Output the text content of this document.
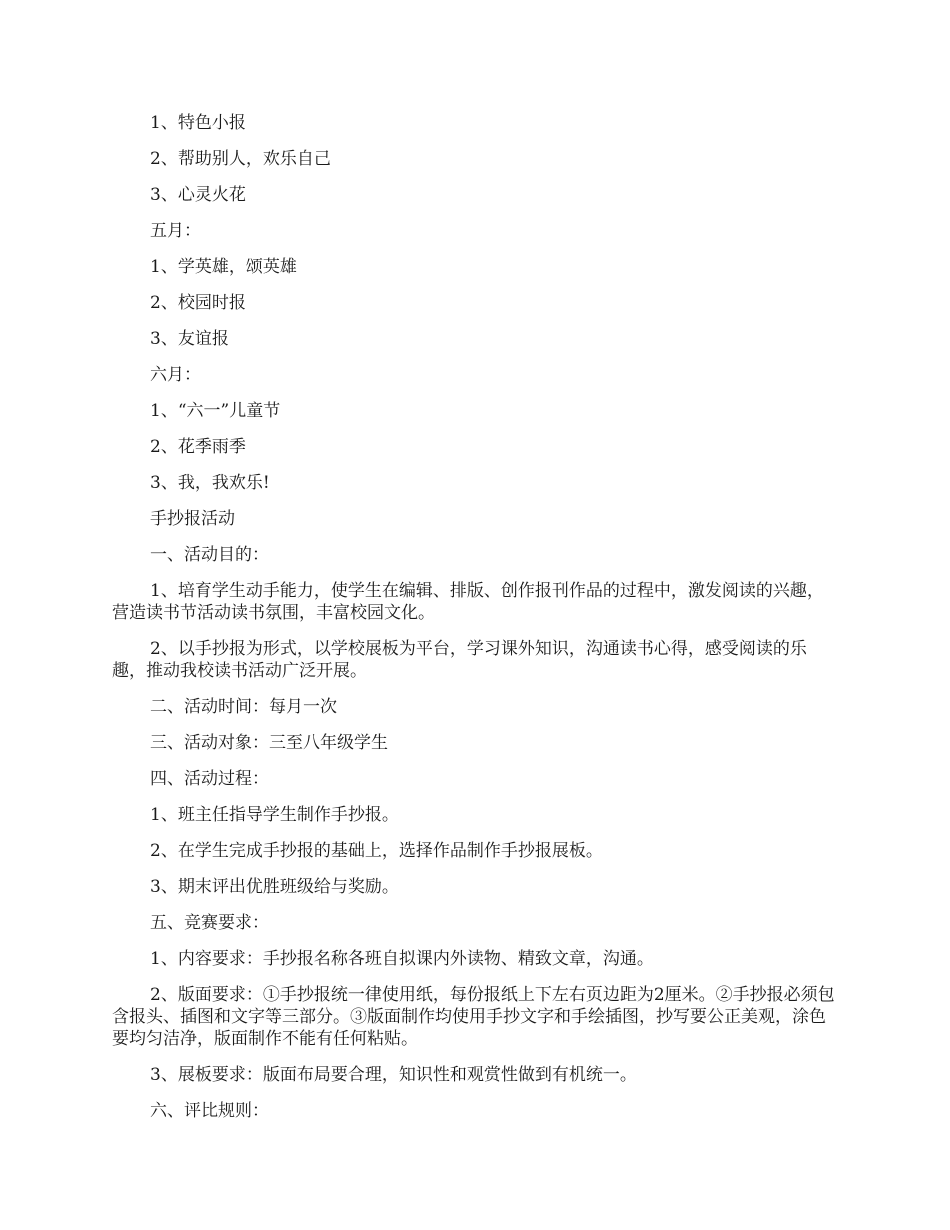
1、特色小报

2、帮助别人，欢乐自己

3、心灵火花

五月：

1、学英雄，颂英雄

2、校园时报

3、友谊报

六月：

1、“六一”儿童节

2、花季雨季

3、我，我欢乐!

手抄报活动

一、活动目的：

1、培育学生动手能力，使学生在编辑、排版、创作报刊作品的过程中，激发阅读的兴趣，营造读书节活动读书氛围，丰富校园文化。

2、以手抄报为形式，以学校展板为平台，学习课外知识，沟通读书心得，感受阅读的乐趣，推动我校读书活动广泛开展。

二、活动时间：每月一次

三、活动对象：三至八年级学生

四、活动过程：

1、班主任指导学生制作手抄报。

2、在学生完成手抄报的基础上，选择作品制作手抄报展板。

3、期末评出优胜班级给与奖励。

五、竞赛要求：

1、内容要求：手抄报名称各班自拟课内外读物、精致文章，沟通。

2、版面要求：①手抄报统一律使用纸，每份报纸上下左右页边距为2厘米。②手抄报必须包含报头、插图和文字等三部分。③版面制作均使用手抄文字和手绘插图，抄写要公正美观，涂色要均匀洁净，版面制作不能有任何粘贴。

3、展板要求：版面布局要合理，知识性和观赏性做到有机统一。

六、评比规则：
